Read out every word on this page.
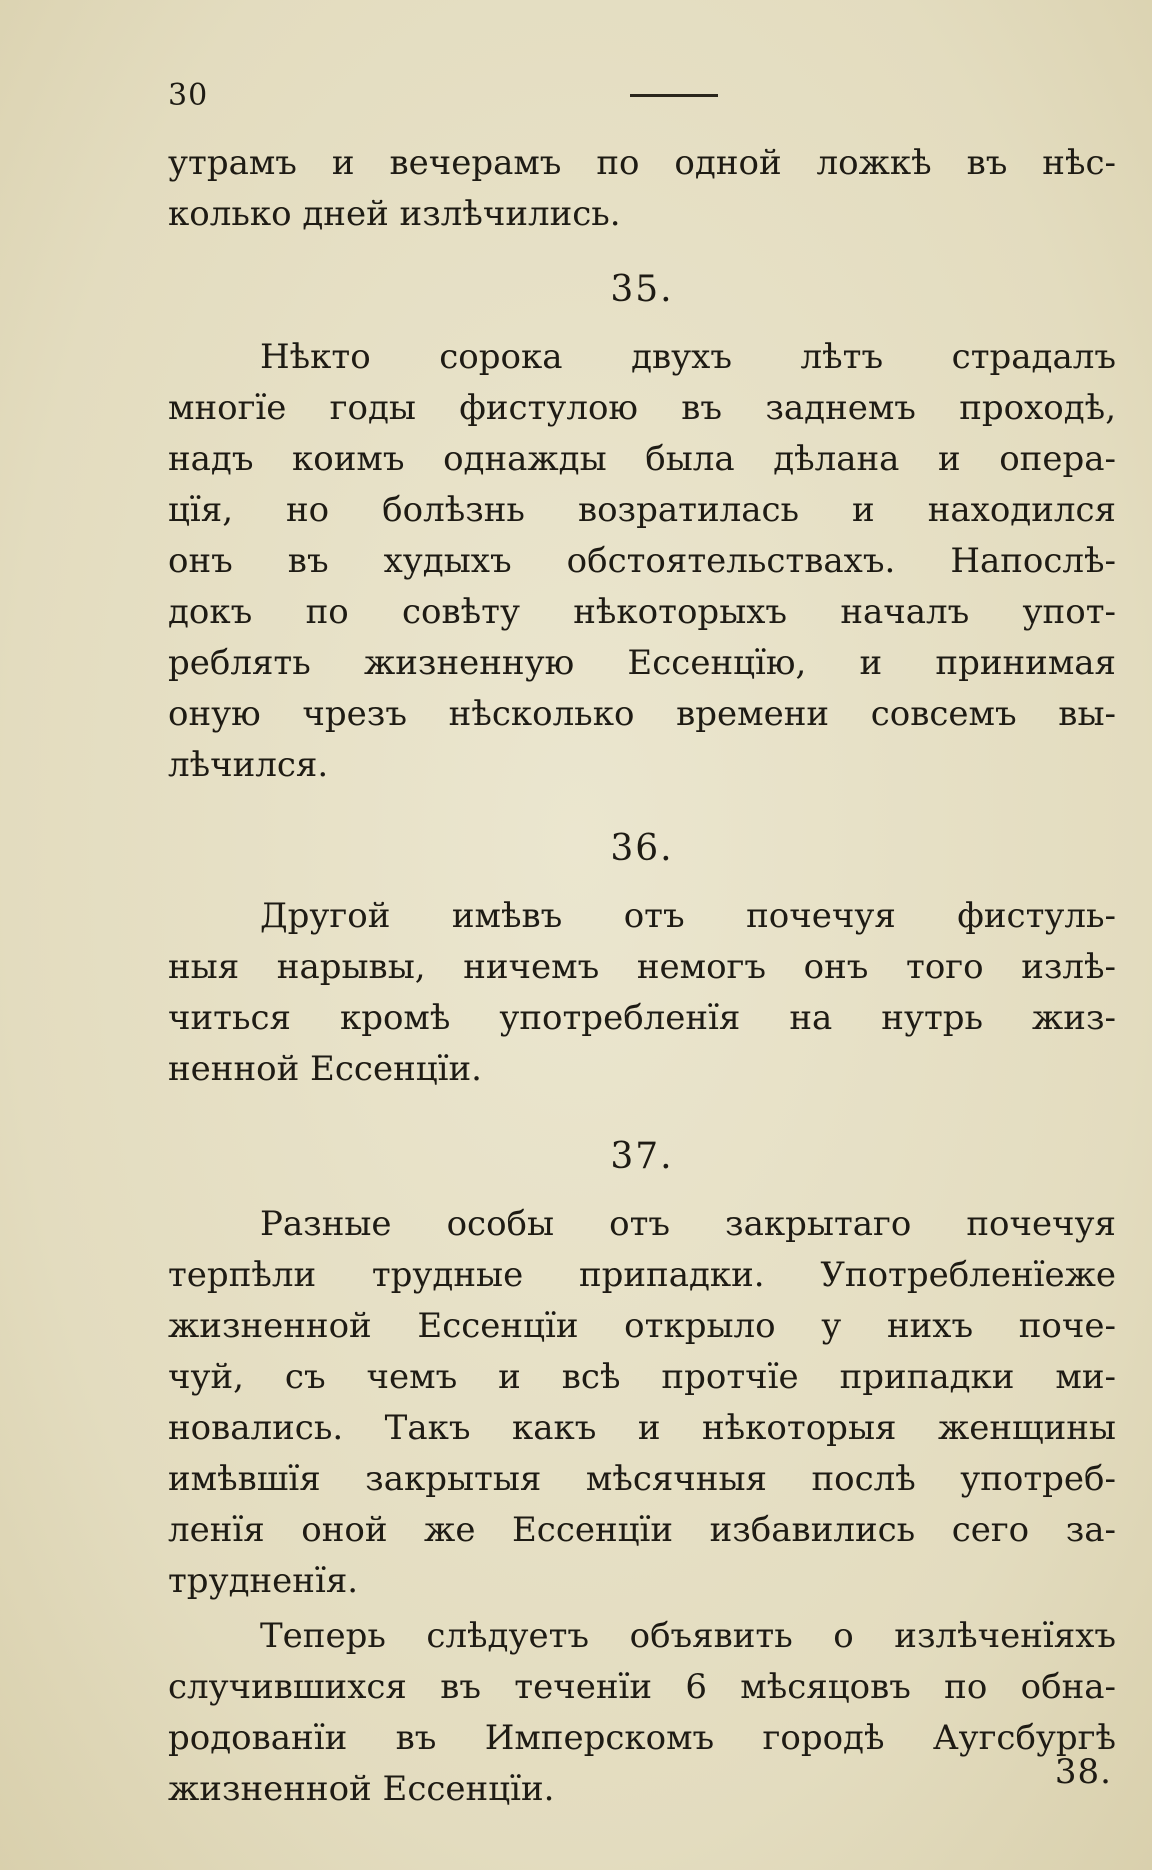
30
утрамъ и вечерамъ по одной ложкѣ въ нѣс-
колько дней излѣчились.
35.
Нѣкто сорока двухъ лѣтъ страдалъ
многїе годы фистулою въ заднемъ проходѣ,
надъ коимъ однажды была дѣлана и опера-
цїя, но болѣзнь возратилась и находился
онъ въ худыхъ обстоятельствахъ. Напослѣ-
докъ по совѣту нѣкоторыхъ началъ упот-
реблять жизненную Ессенцїю, и принимая
оную чрезъ нѣсколько времени совсемъ вы-
лѣчился.
36.
Другой имѣвъ отъ почечуя фистуль-
ныя нарывы, ничемъ немогъ онъ того излѣ-
читься кромѣ употребленїя на нутрь жиз-
ненной Ессенцїи.
37.
Разные особы отъ закрытаго почечуя
терпѣли трудные припадки. Употребленїеже
жизненной Ессенцїи открыло у нихъ поче-
чуй, съ чемъ и всѣ протчїе припадки ми-
новались. Такъ какъ и нѣкоторыя женщины
имѣвшїя закрытыя мѣсячныя послѣ употреб-
ленїя оной же Ессенцїи избавились сего за-
трудненїя.
Теперь слѣдуетъ объявить о излѣченїяхъ
случившихся въ теченїи 6 мѣсяцовъ по обна-
родованїи въ Имперскомъ городѣ Аугсбургѣ
жизненной Ессенцїи.	38.
